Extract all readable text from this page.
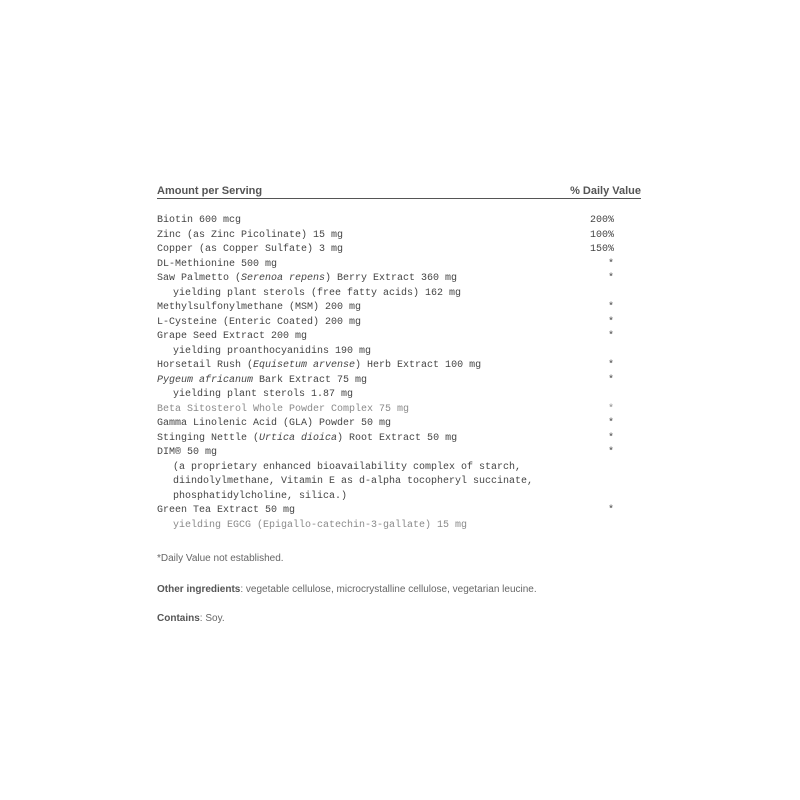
Amount per Serving	% Daily Value
Biotin 600 mcg	200%
Zinc (as Zinc Picolinate) 15 mg	100%
Copper (as Copper Sulfate) 3 mg	150%
DL-Methionine 500 mg	*
Saw Palmetto (Serenoa repens) Berry Extract 360 mg	*
yielding plant sterols (free fatty acids) 162 mg
Methylsulfonylmethane (MSM) 200 mg	*
L-Cysteine (Enteric Coated) 200 mg	*
Grape Seed Extract 200 mg	*
yielding proanthocyanidins 190 mg
Horsetail Rush (Equisetum arvense) Herb Extract 100 mg	*
Pygeum africanum Bark Extract 75 mg	*
yielding plant sterols 1.87 mg
Beta Sitosterol Whole Powder Complex 75 mg	*
Gamma Linolenic Acid (GLA) Powder 50 mg	*
Stinging Nettle (Urtica dioica) Root Extract 50 mg	*
DIM® 50 mg	*
(a proprietary enhanced bioavailability complex of starch,
diindolylmethane, Vitamin E as d-alpha tocopheryl succinate,
phosphatidylcholine, silica.)
Green Tea Extract 50 mg	*
yielding EGCG (Epigallo-catechin-3-gallate) 15 mg
*Daily Value not established.
Other ingredients: vegetable cellulose, microcrystalline cellulose, vegetarian leucine.
Contains: Soy.
